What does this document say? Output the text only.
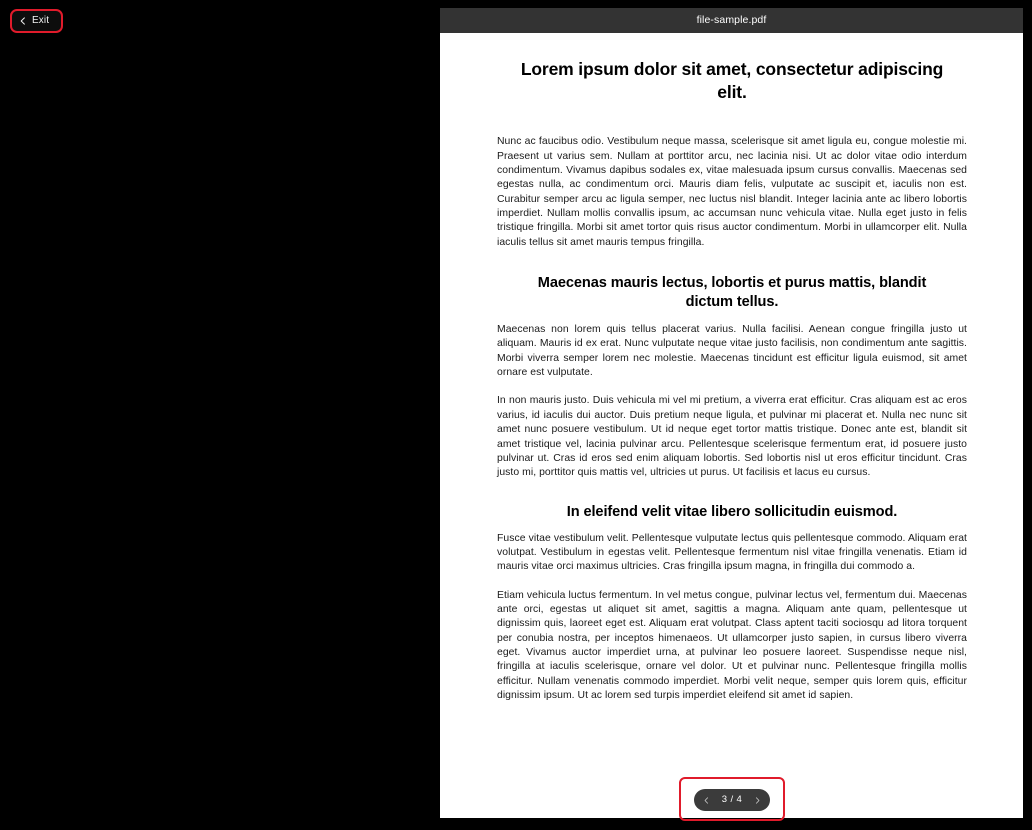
Exit	file-sample.pdf
Lorem ipsum dolor sit amet, consectetur adipiscing elit.

Nunc ac faucibus odio. Vestibulum neque massa, scelerisque sit amet ligula eu, congue molestie mi. Praesent ut varius sem. Nullam at porttitor arcu, nec lacinia nisi. Ut ac dolor vitae odio interdum condimentum. Vivamus dapibus sodales ex, vitae malesuada ipsum cursus convallis. Maecenas sed egestas nulla, ac condimentum orci. Mauris diam felis, vulputate ac suscipit et, iaculis non est. Curabitur semper arcu ac ligula semper, nec luctus nisl blandit. Integer lacinia ante ac libero lobortis imperdiet. Nullam mollis convallis ipsum, ac accumsan nunc vehicula vitae. Nulla eget justo in felis tristique fringilla. Morbi sit amet tortor quis risus auctor condimentum. Morbi in ullamcorper elit. Nulla iaculis tellus sit amet mauris tempus fringilla.

Maecenas mauris lectus, lobortis et purus mattis, blandit dictum tellus.

Maecenas non lorem quis tellus placerat varius. Nulla facilisi. Aenean congue fringilla justo ut aliquam. Mauris id ex erat. Nunc vulputate neque vitae justo facilisis, non condimentum ante sagittis. Morbi viverra semper lorem nec molestie. Maecenas tincidunt est efficitur ligula euismod, sit amet ornare est vulputate.

In non mauris justo. Duis vehicula mi vel mi pretium, a viverra erat efficitur. Cras aliquam est ac eros varius, id iaculis dui auctor. Duis pretium neque ligula, et pulvinar mi placerat et. Nulla nec nunc sit amet nunc posuere vestibulum. Ut id neque eget tortor mattis tristique. Donec ante est, blandit sit amet tristique vel, lacinia pulvinar arcu. Pellentesque scelerisque fermentum erat, id posuere justo pulvinar ut. Cras id eros sed enim aliquam lobortis. Sed lobortis nisl ut eros efficitur tincidunt. Cras justo mi, porttitor quis mattis vel, ultricies ut purus. Ut facilisis et lacus eu cursus.

In eleifend velit vitae libero sollicitudin euismod.

Fusce vitae vestibulum velit. Pellentesque vulputate lectus quis pellentesque commodo. Aliquam erat volutpat. Vestibulum in egestas velit. Pellentesque fermentum nisl vitae fringilla venenatis. Etiam id mauris vitae orci maximus ultricies. Cras fringilla ipsum magna, in fringilla dui commodo a.

Etiam vehicula luctus fermentum. In vel metus congue, pulvinar lectus vel, fermentum dui. Maecenas ante orci, egestas ut aliquet sit amet, sagittis a magna. Aliquam ante quam, pellentesque ut dignissim quis, laoreet eget est. Aliquam erat volutpat. Class aptent taciti sociosqu ad litora torquent per conubia nostra, per inceptos himenaeos. Ut ullamcorper justo sapien, in cursus libero viverra eget. Vivamus auctor imperdiet urna, at pulvinar leo posuere laoreet. Suspendisse neque nisl, fringilla at iaculis scelerisque, ornare vel dolor. Ut et pulvinar nunc. Pellentesque fringilla mollis efficitur. Nullam venenatis commodo imperdiet. Morbi velit neque, semper quis lorem quis, efficitur dignissim ipsum. Ut ac lorem sed turpis imperdiet eleifend sit amet id sapien.

3 / 4
